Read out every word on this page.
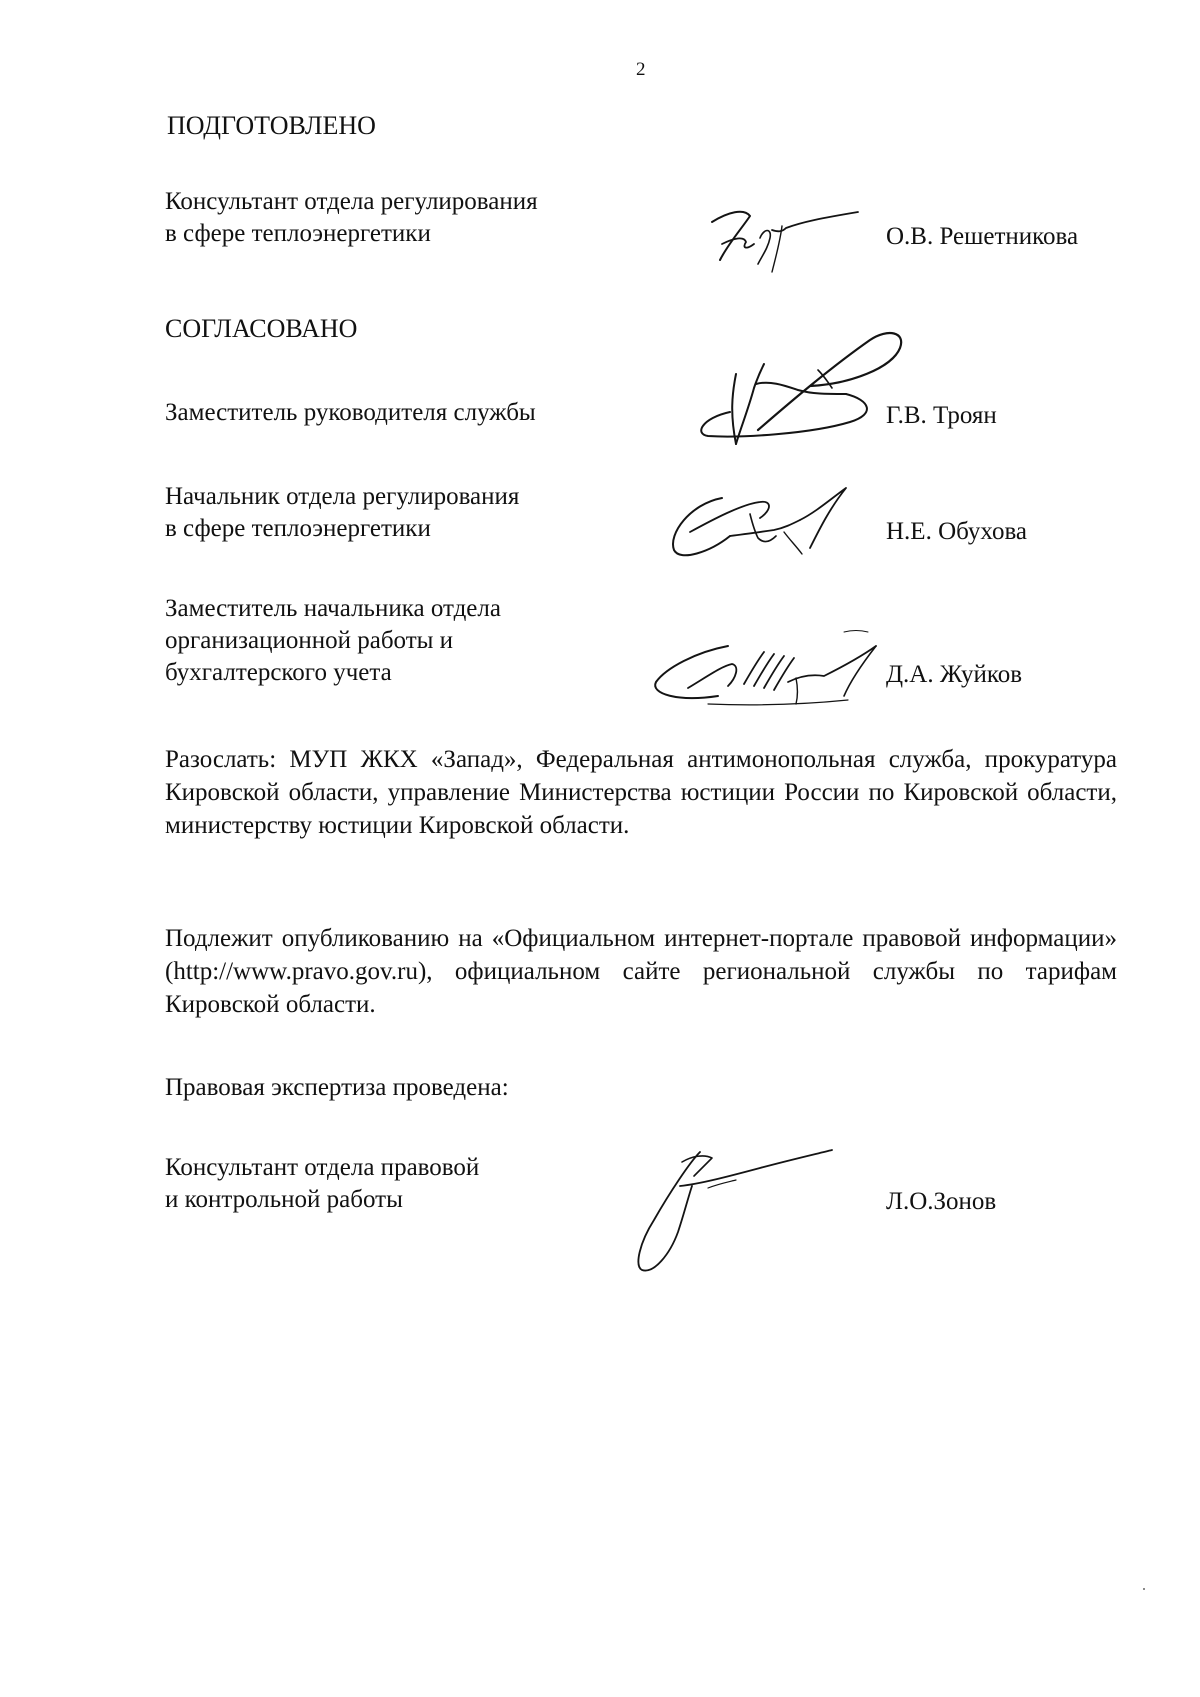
2
ПОДГОТОВЛЕНО
Консультант отдела регулирования
в сфере теплоэнергетики	О.В. Решетникова
СОГЛАСОВАНО
Заместитель руководителя службы	Г.В. Троян
Начальник отдела регулирования
в сфере теплоэнергетики	Н.Е. Обухова
Заместитель начальника отдела
организационной работы и
бухгалтерского учета	Д.А. Жуйков

Разослать: МУП ЖКХ «Запад», Федеральная антимонопольная служба, прокуратура Кировской области, управление Министерства юстиции России по Кировской области, министерству юстиции Кировской области.

Подлежит опубликованию на «Официальном интернет-портале правовой информации» (http://www.pravo.gov.ru), официальном сайте региональной службы по тарифам Кировской области.

Правовая экспертиза проведена:
Консультант отдела правовой
и контрольной работы	Л.О.Зонов
